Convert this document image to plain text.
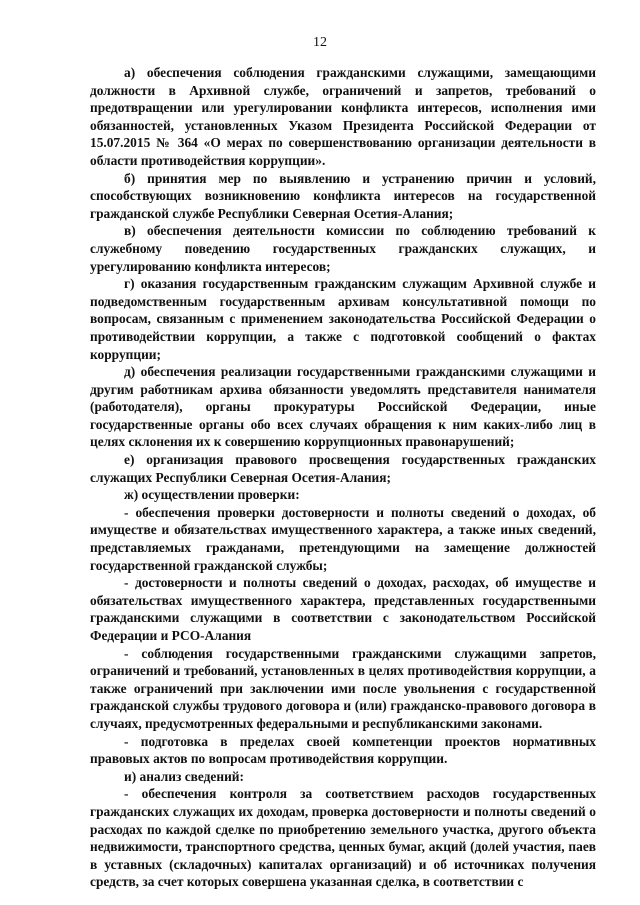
12

а) обеспечения соблюдения гражданскими служащими, замещающими должности в Архивной службе, ограничений и запретов, требований о предотвращении или урегулировании конфликта интересов, исполнения ими обязанностей, установленных Указом Президента Российской Федерации от 15.07.2015 № 364 «О мерах по совершенствованию организации деятельности в области противодействия коррупции».

б) принятия мер по выявлению и устранению причин и условий, способствующих возникновению конфликта интересов на государственной гражданской службе Республики Северная Осетия-Алания;

в) обеспечения деятельности комиссии по соблюдению требований к служебному поведению государственных гражданских служащих, и урегулированию конфликта интересов;

г) оказания государственным гражданским служащим Архивной службе и подведомственным государственным архивам консультативной помощи по вопросам, связанным с применением законодательства Российской Федерации о противодействии коррупции, а также с подготовкой сообщений о фактах коррупции;

д) обеспечения реализации государственными гражданскими служащими и другим работникам архива обязанности уведомлять представителя нанимателя (работодателя), органы прокуратуры Российской Федерации, иные государственные органы обо всех случаях обращения к ним каких-либо лиц в целях склонения их к совершению коррупционных правонарушений;

е) организация правового просвещения государственных гражданских служащих Республики Северная Осетия-Алания;

ж) осуществлении проверки:

- обеспечения проверки достоверности и полноты сведений о доходах, об имуществе и обязательствах имущественного характера, а также иных сведений, представляемых гражданами, претендующими на замещение должностей государственной гражданской службы;

- достоверности и полноты сведений о доходах, расходах, об имуществе и обязательствах имущественного характера, представленных государственными гражданскими служащими в соответствии с законодательством Российской Федерации и РСО-Алания

- соблюдения государственными гражданскими служащими запретов, ограничений и требований, установленных в целях противодействия коррупции, а также ограничений при заключении ими после увольнения с государственной гражданской службы трудового договора и (или) гражданско-правового договора в случаях, предусмотренных федеральными и республиканскими законами.

- подготовка в пределах своей компетенции проектов нормативных правовых актов по вопросам противодействия коррупции.

и) анализ сведений:

- обеспечения контроля за соответствием расходов государственных гражданских служащих их доходам, проверка достоверности и полноты сведений о расходах по каждой сделке по приобретению земельного участка, другого объекта недвижимости, транспортного средства, ценных бумаг, акций (долей участия, паев в уставных (складочных) капиталах организаций) и об источниках получения средств, за счет которых совершена указанная сделка, в соответствии с
